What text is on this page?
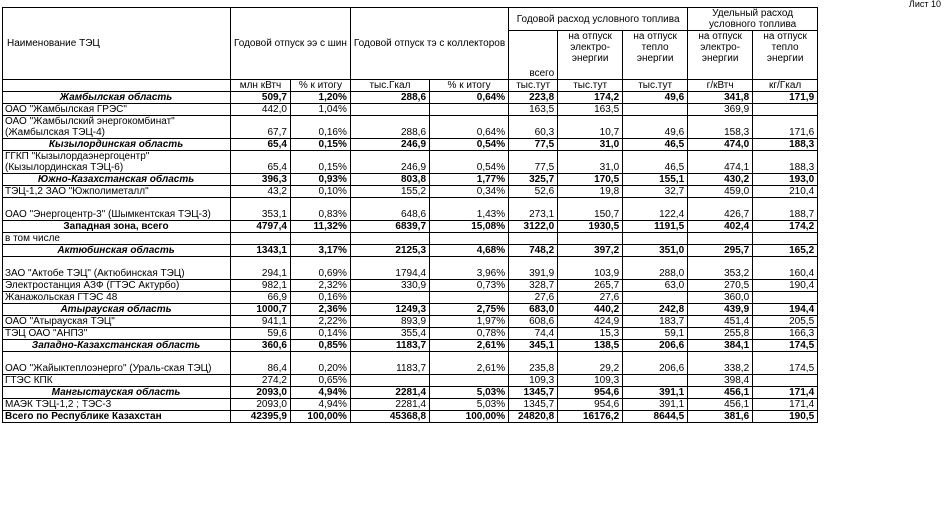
Лист 10
Наименование ТЭЦ	Годовой отпуск ээ с шин		Годовой отпуск тэ с коллекторов		Годовой расход условного топлива			Удельный расход условного топлива	

					всего	на отпуск электро-энергии	на отпуск тепло энергии	на отпуск электро-энергии	на отпуск тепло энергии
	млн кВтч	% к итогу	тыс.Гкал	% к итогу	тыс.тут	тыс.тут	тыс.тут	г/кВтч	кг/Гкал
Жамбылская область	509,7	1,20%	288,6	0,64%	223,8	174,2	49,6	341,8	171,9
ОАО "Жамбылская ГРЭС"	442,0	1,04%			163,5	163,5		369,9	
ОАО "Жамбылский энергокомбинат" (Жамбылская ТЭЦ-4)	67,7	0,16%	288,6	0,64%	60,3	10,7	49,6	158,3	171,6
Кызылординская область	65,4	0,15%	246,9	0,54%	77,5	31,0	46,5	474,0	188,3
ГГКП "Кызылордаэнергоцентр" (Кызылординская ТЭЦ-6)	65,4	0,15%	246,9	0,54%	77,5	31,0	46,5	474,1	188,3
Южно-Казахстанская область	396,3	0,93%	803,8	1,77%	325,7	170,5	155,1	430,2	193,0
ТЭЦ-1,2 ЗАО "Южполиметалл"	43,2	0,10%	155,2	0,34%	52,6	19,8	32,7	459,0	210,4
ОАО "Энергоцентр-3" (Шымкентская ТЭЦ-3)	353,1	0,83%	648,6	1,43%	273,1	150,7	122,4	426,7	188,7
Западная зона, всего	4797,4	11,32%	6839,7	15,08%	3122,0	1930,5	1191,5	402,4	174,2
в том числе									
Актюбинская область	1343,1	3,17%	2125,3	4,68%	748,2	397,2	351,0	295,7	165,2
ЗАО "Актобе ТЭЦ" (Актюбинская ТЭЦ)	294,1	0,69%	1794,4	3,96%	391,9	103,9	288,0	353,2	160,4
Электростанция АЗФ (ГТЭС Актурбо)	982,1	2,32%	330,9	0,73%	328,7	265,7	63,0	270,5	190,4
Жанажольская ГТЭС 48	66,9	0,16%			27,6	27,6		360,0	
Атырауская область	1000,7	2,36%	1249,3	2,75%	683,0	440,2	242,8	439,9	194,4
ОАО "Атырауская ТЭЦ"	941,1	2,22%	893,9	1,97%	608,6	424,9	183,7	451,4	205,5
ТЭЦ ОАО "АНПЗ"	59,6	0,14%	355,4	0,78%	74,4	15,3	59,1	255,8	166,3
Западно-Казахстанская область	360,6	0,85%	1183,7	2,61%	345,1	138,5	206,6	384,1	174,5
ОАО "Жайыктеплоэнерго" (Ураль-ская ТЭЦ)	86,4	0,20%	1183,7	2,61%	235,8	29,2	206,6	338,2	174,5
ГТЭС КПК	274,2	0,65%			109,3	109,3		398,4	
Мангыстауская область	2093,0	4,94%	2281,4	5,03%	1345,7	954,6	391,1	456,1	171,4
МАЭК ТЭЦ-1,2 ; ТЭС-3	2093,0	4,94%	2281,4	5,03%	1345,7	954,6	391,1	456,1	171,4
Всего по Республике Казахстан	42395,9	100,00%	45368,8	100,00%	24820,8	16176,2	8644,5	381,6	190,5
